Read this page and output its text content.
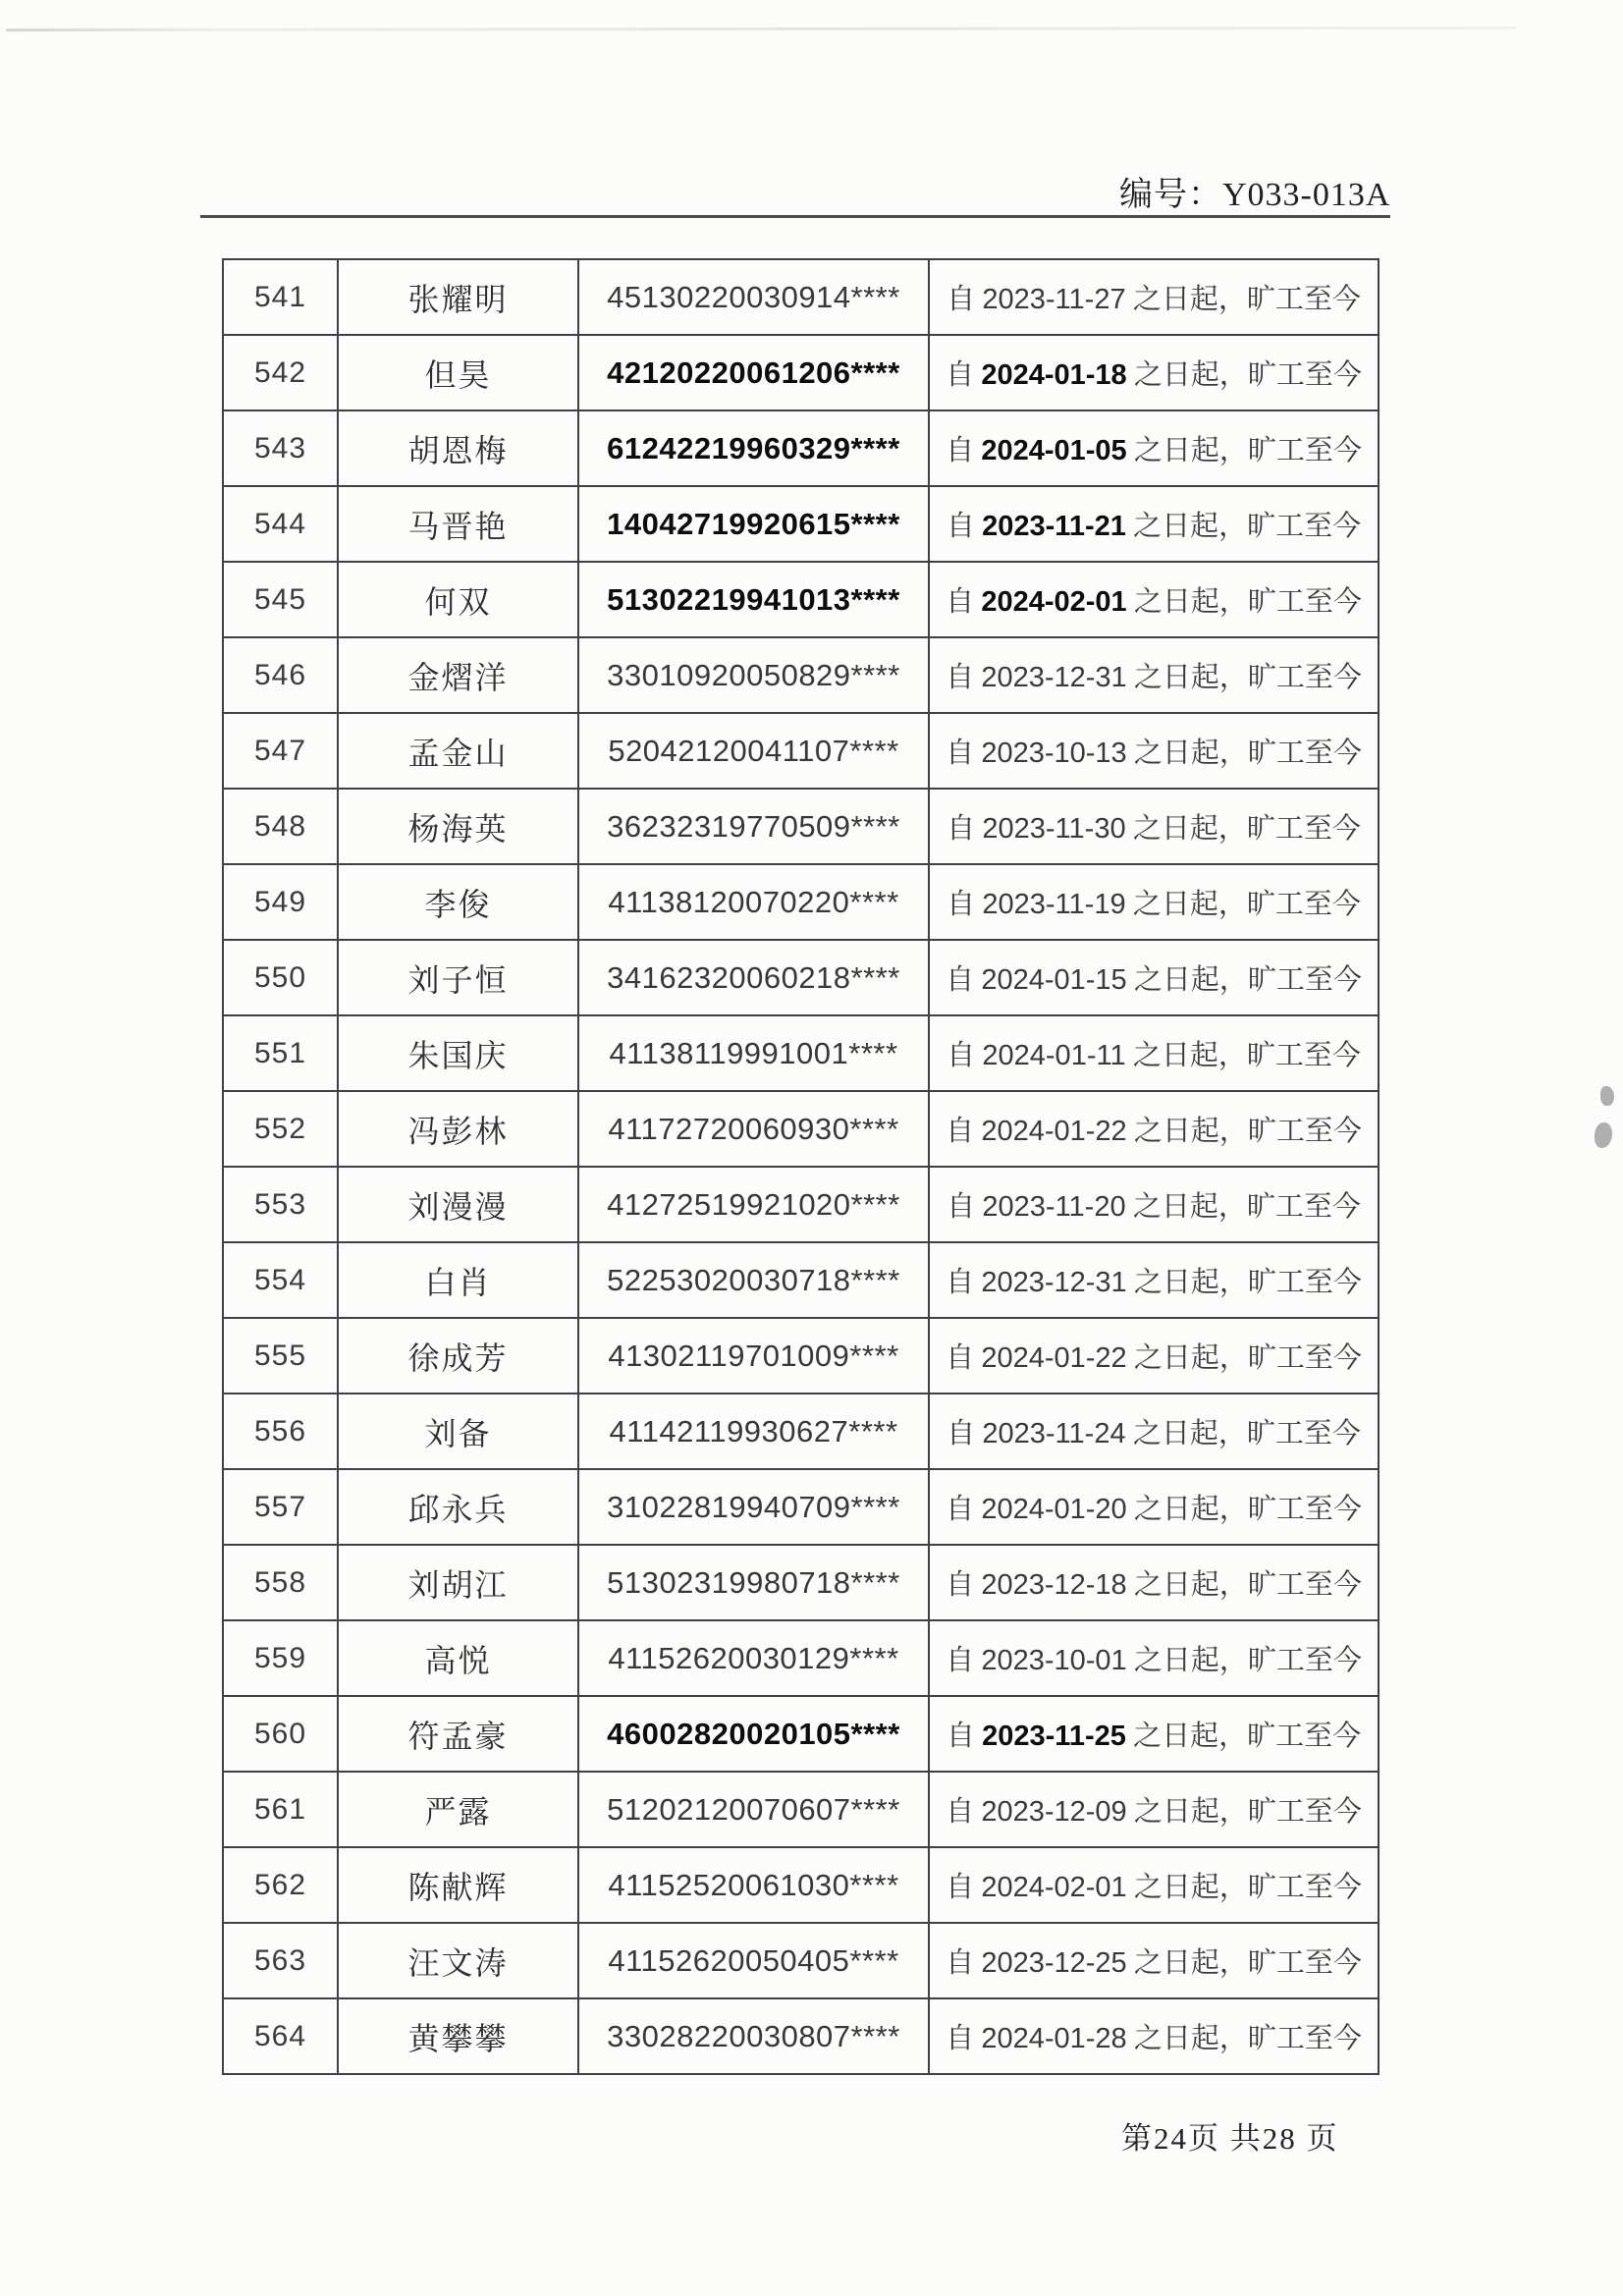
编号：Y033-013A
541	张耀明	45130220030914****	自 2023-11-27 之日起，旷工至今
542	但昊	42120220061206****	自 2024-01-18 之日起，旷工至今
543	胡恩梅	61242219960329****	自 2024-01-05 之日起，旷工至今
544	马晋艳	14042719920615****	自 2023-11-21 之日起，旷工至今
545	何双	51302219941013****	自 2024-02-01 之日起，旷工至今
546	金熠洋	33010920050829****	自 2023-12-31 之日起，旷工至今
547	孟金山	52042120041107****	自 2023-10-13 之日起，旷工至今
548	杨海英	36232319770509****	自 2023-11-30 之日起，旷工至今
549	李俊	41138120070220****	自 2023-11-19 之日起，旷工至今
550	刘子恒	34162320060218****	自 2024-01-15 之日起，旷工至今
551	朱国庆	41138119991001****	自 2024-01-11 之日起，旷工至今
552	冯彭林	41172720060930****	自 2024-01-22 之日起，旷工至今
553	刘漫漫	41272519921020****	自 2023-11-20 之日起，旷工至今
554	白肖	52253020030718****	自 2023-12-31 之日起，旷工至今
555	徐成芳	41302119701009****	自 2024-01-22 之日起，旷工至今
556	刘备	41142119930627****	自 2023-11-24 之日起，旷工至今
557	邱永兵	31022819940709****	自 2024-01-20 之日起，旷工至今
558	刘胡江	51302319980718****	自 2023-12-18 之日起，旷工至今
559	高悦	41152620030129****	自 2023-10-01 之日起，旷工至今
560	符孟豪	46002820020105****	自 2023-11-25 之日起，旷工至今
561	严露	51202120070607****	自 2023-12-09 之日起，旷工至今
562	陈献辉	41152520061030****	自 2024-02-01 之日起，旷工至今
563	汪文涛	41152620050405****	自 2023-12-25 之日起，旷工至今
564	黄攀攀	33028220030807****	自 2024-01-28 之日起，旷工至今
第24页 共28 页
